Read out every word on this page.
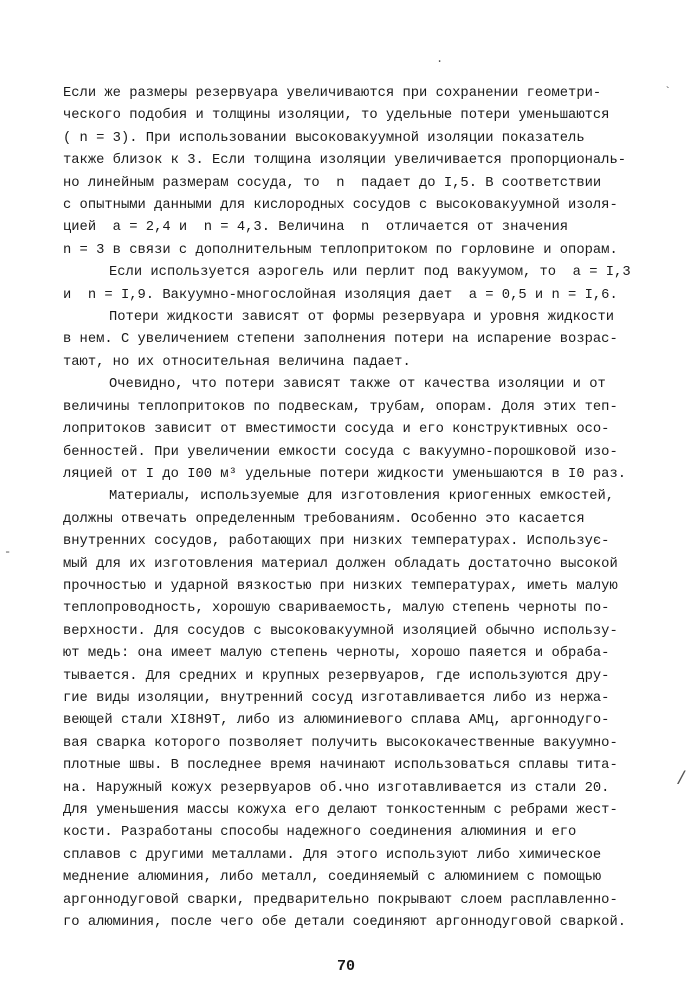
.
`
-
/
Если же размеры резервуара увеличиваются при сохранении геометри-
ческого подобия и толщины изоляции, то удельные потери уменьшаются
( n = 3). При использовании высоковакуумной изоляции показатель
также близок к 3. Если толщина изоляции увеличивается пропорциональ-
но линейным размерам сосуда, то  n  падает до I,5. В соответствии
с опытными данными для кислородных сосудов с высоковакуумной изоля-
цией  a = 2,4 и  n = 4,3. Величина  n  отличается от значения
n = 3 в связи с дополнительным теплопритоком по горловине и опорам.
Если используется аэрогель или перлит под вакуумом, то  a = I,3
и  n = I,9. Вакуумно-многослойная изоляция дает  a = 0,5 и n = I,6.
Потери жидкости зависят от формы резервуара и уровня жидкости
в нем. С увеличением степени заполнения потери на испарение возрас-
тают, но их относительная величина падает.
Очевидно, что потери зависят также от качества изоляции и от
величины теплопритоков по подвескам, трубам, опорам. Доля этих теп-
лопритоков зависит от вместимости сосуда и его конструктивных осо-
бенностей. При увеличении емкости сосуда с вакуумно-порошковой изо-
ляцией от I до I00 м³ удельные потери жидкости уменьшаются в I0 раз.
Материалы, используемые для изготовления криогенных емкостей,
должны отвечать определенным требованиям. Особенно это касается
внутренних сосудов, работающих при низких температурах. Использує-
мый для их изготовления материал должен обладать достаточно высокой
прочностью и ударной вязкостью при низких температурах, иметь малую
теплопроводность, хорошую свариваемость, малую степень черноты по-
верхности. Для сосудов с высоковакуумной изоляцией обычно использу-
ют медь: она имеет малую степень черноты, хорошо паяется и обраба-
тывается. Для средних и крупных резервуаров, где используются дру-
гие виды изоляции, внутренний сосуд изготавливается либо из нержа-
веющей стали XI8H9T, либо из алюминиевого сплава АМц, аргоннодуго-
вая сварка которого позволяет получить высококачественные вакуумно-
плотные швы. В последнее время начинают использоваться сплавы тита-
на. Наружный кожух резервуаров об.чно изготавливается из стали 20.
Для уменьшения массы кожуха его делают тонкостенным с ребрами жест-
кости. Разработаны способы надежного соединения алюминия и его
сплавов с другими металлами. Для этого используют либо химическое
меднение алюминия, либо металл, соединяемый с алюминием с помощью
аргоннодуговой сварки, предварительно покрывают слоем расплавленно-
го алюминия, после чего обе детали соединяют аргоннодуговой сваркой.
70
